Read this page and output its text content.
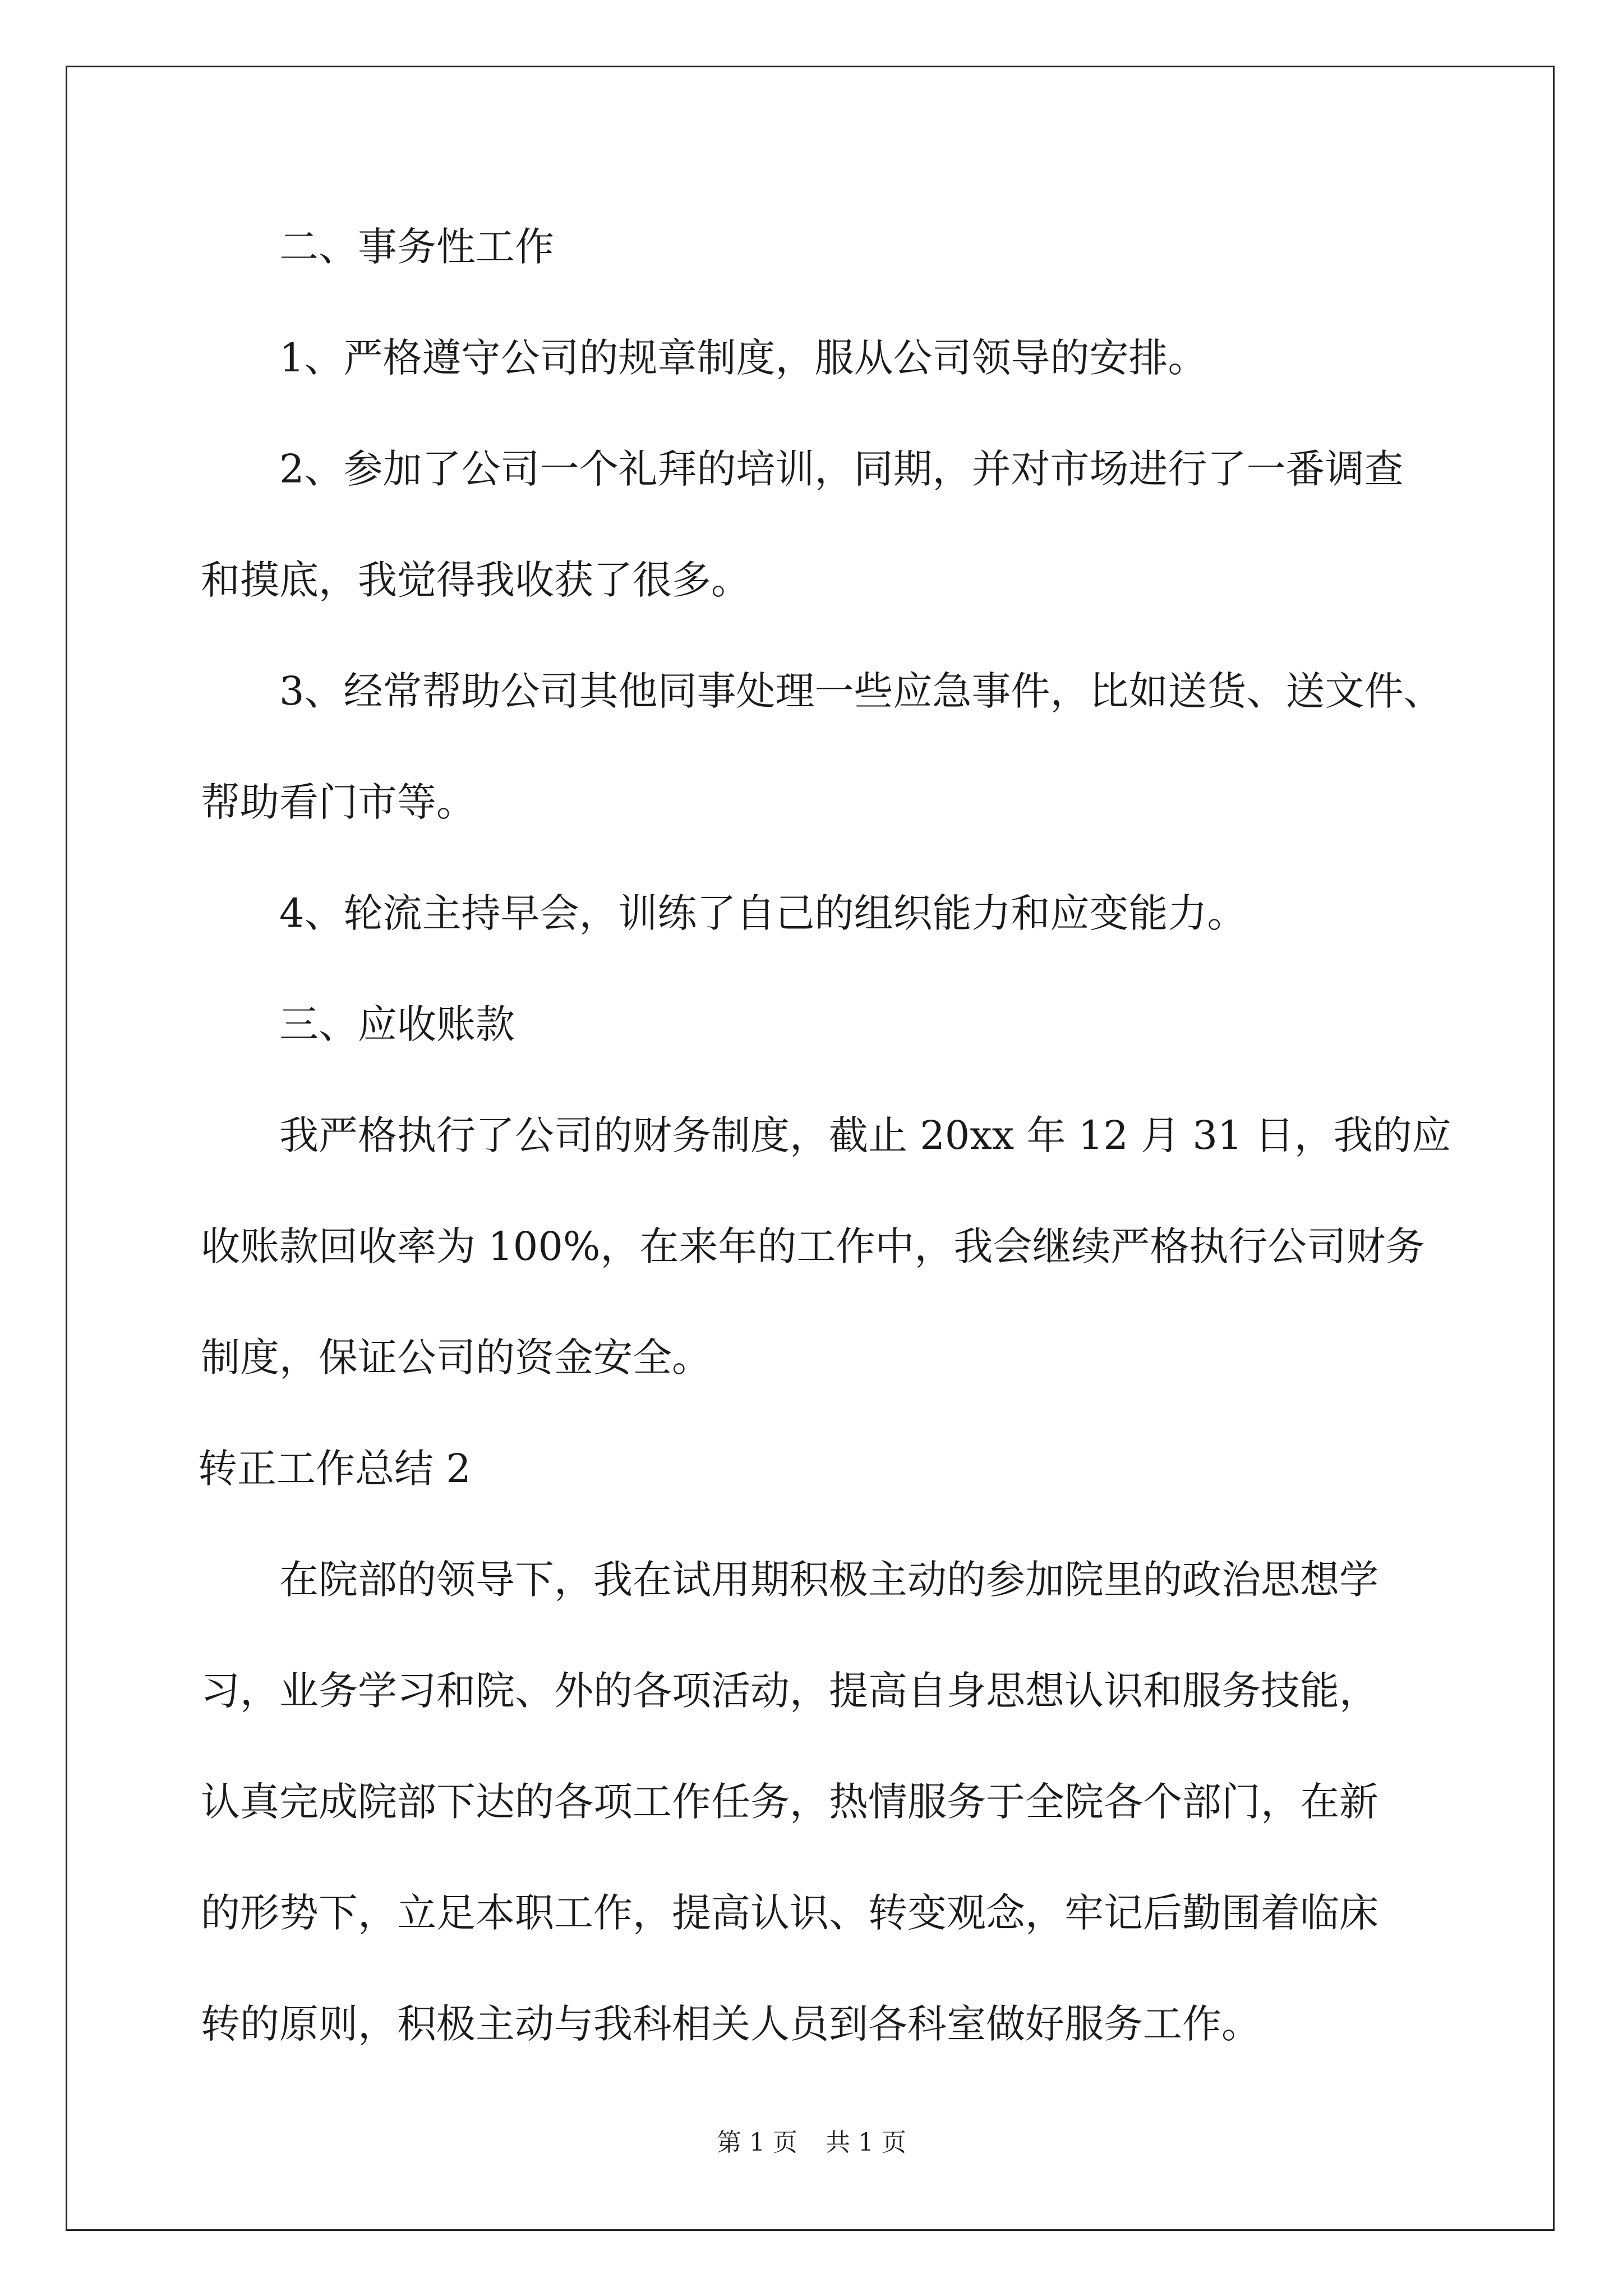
二、事务性工作
1、严格遵守公司的规章制度，服从公司领导的安排。
2、参加了公司一个礼拜的培训，同期，并对市场进行了一番调查
和摸底，我觉得我收获了很多。
3、经常帮助公司其他同事处理一些应急事件，比如送货、送文件、
帮助看门市等。
4、轮流主持早会，训练了自己的组织能力和应变能力。
三、应收账款
我严格执行了公司的财务制度，截止 20xx 年 12 月 31 日，我的应
收账款回收率为 100%，在来年的工作中，我会继续严格执行公司财务
制度，保证公司的资金安全。
转正工作总结 2
在院部的领导下，我在试用期积极主动的参加院里的政治思想学
习，业务学习和院、外的各项活动，提高自身思想认识和服务技能，
认真完成院部下达的各项工作任务，热情服务于全院各个部门，在新
的形势下，立足本职工作，提高认识、转变观念，牢记后勤围着临床
转的原则，积极主动与我科相关人员到各科室做好服务工作。
第 1 页 共 1 页
